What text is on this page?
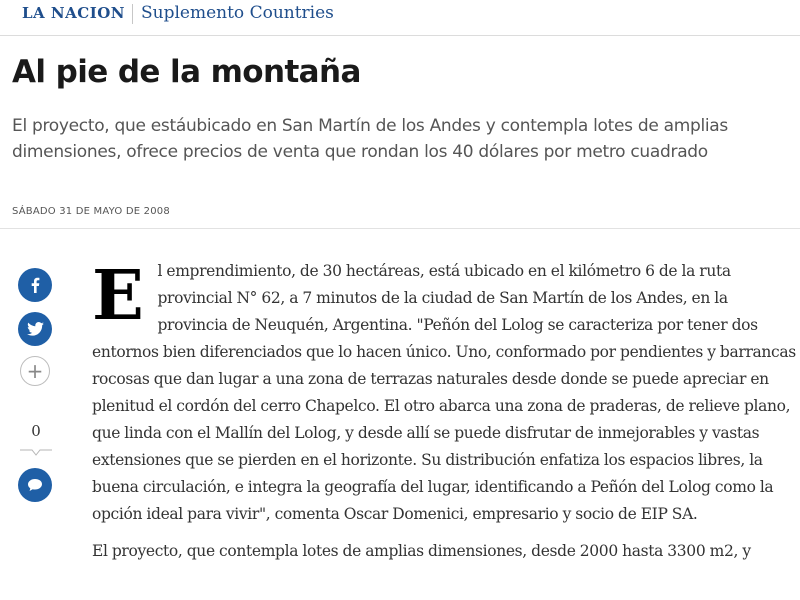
LA NACION Suplemento Countries
Al pie de la montaña

El proyecto, que estáubicado en San Martín de los Andes y contempla lotes de amplias dimensiones, ofrece precios de venta que rondan los 40 dólares por metro cuadrado

SÁBADO 31 DE MAYO DE 2008
+
0

El emprendimiento, de 30 hectáreas, está ubicado en el kilómetro 6 de la ruta provincial N° 62, a 7 minutos de la ciudad de San Martín de los Andes, en la provincia de Neuquén, Argentina. "Peñón del Lolog se caracteriza por tener dos entornos bien diferenciados que lo hacen único. Uno, conformado por pendientes y barrancas rocosas que dan lugar a una zona de terrazas naturales desde donde se puede apreciar en plenitud el cordón del cerro Chapelco. El otro abarca una zona de praderas, de relieve plano, que linda con el Mallín del Lolog, y desde allí se puede disfrutar de inmejorables y vastas extensiones que se pierden en el horizonte. Su distribución enfatiza los espacios libres, la buena circulación, e integra la geografía del lugar, identificando a Peñón del Lolog como la opción ideal para vivir", comenta Oscar Domenici, empresario y socio de EIP SA.

El proyecto, que contempla lotes de amplias dimensiones, desde 2000 hasta 3300 m2, y
